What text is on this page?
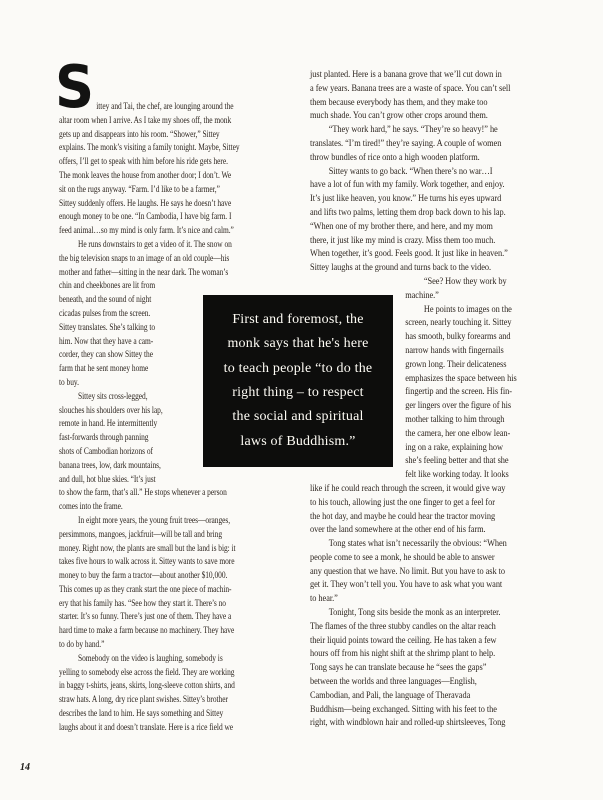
S ittey and Tai, the chef, are lounging around the
altar room when I arrive. As I take my shoes off, the monk
gets up and disappears into his room. “Shower,” Sittey
explains. The monk’s visiting a family tonight. Maybe, Sittey
offers, I’ll get to speak with him before his ride gets here.
The monk leaves the house from another door; I don’t. We
sit on the rugs anyway. “Farm. I’d like to be a farmer,”
Sittey suddenly offers. He laughs. He says he doesn’t have
enough money to be one. “In Cambodia, I have big farm. I
feed animal…so my mind is only farm. It’s nice and calm.”
He runs downstairs to get a video of it. The snow on
the big television snaps to an image of an old couple—his
mother and father—sitting in the near dark. The woman’s
chin and cheekbones are lit from
beneath, and the sound of night
cicadas pulses from the screen.
Sittey translates. She’s talking to
him. Now that they have a cam-
corder, they can show Sittey the
farm that he sent money home
to buy.
Sittey sits cross-legged,
slouches his shoulders over his lap,
remote in hand. He intermittently
fast-forwards through panning
shots of Cambodian horizons of
banana trees, low, dark mountains,
and dull, hot blue skies. “It’s just
to show the farm, that’s all.” He stops whenever a person
comes into the frame.
In eight more years, the young fruit trees—oranges,
persimmons, mangoes, jackfruit—will be tall and bring
money. Right now, the plants are small but the land is big: it
takes five hours to walk across it. Sittey wants to save more
money to buy the farm a tractor—about another $10,000.
This comes up as they crank start the one piece of machin-
ery that his family has. “See how they start it. There’s no
starter. It’s so funny. There’s just one of them. They have a
hard time to make a farm because no machinery. They have
to do by hand.”
Somebody on the video is laughing, somebody is
yelling to somebody else across the field. They are working
in baggy t-shirts, jeans, skirts, long-sleeve cotton shirts, and
straw hats. A long, dry rice plant swishes. Sittey’s brother
describes the land to him. He says something and Sittey
laughs about it and doesn’t translate. Here is a rice field we
just planted. Here is a banana grove that we’ll cut down in
a few years. Banana trees are a waste of space. You can’t sell
them because everybody has them, and they make too
much shade. You can’t grow other crops around them.
“They work hard,” he says. “They’re so heavy!” he
translates. “I’m tired!” they’re saying. A couple of women
throw bundles of rice onto a high wooden platform.
Sittey wants to go back. “When there’s no war…I
have a lot of fun with my family. Work together, and enjoy.
It’s just like heaven, you know.” He turns his eyes upward
and lifts two palms, letting them drop back down to his lap.
“When one of my brother there, and here, and my mom
there, it just like my mind is crazy. Miss them too much.
When together, it’s good. Feels good. It just like in heaven.”
Sittey laughs at the ground and turns back to the video.
“See? How they work by
machine.”
He points to images on the
screen, nearly touching it. Sittey
has smooth, bulky forearms and
narrow hands with fingernails
grown long. Their delicateness
emphasizes the space between his
fingertip and the screen. His fin-
ger lingers over the figure of his
mother talking to him through
the camera, her one elbow lean-
ing on a rake, explaining how
she’s feeling better and that she
felt like working today. It looks
like if he could reach through the screen, it would give way
to his touch, allowing just the one finger to get a feel for
the hot day, and maybe he could hear the tractor moving
over the land somewhere at the other end of his farm.
Tong states what isn’t necessarily the obvious: “When
people come to see a monk, he should be able to answer
any question that we have. No limit. But you have to ask to
get it. They won’t tell you. You have to ask what you want
to hear.”
Tonight, Tong sits beside the monk as an interpreter.
The flames of the three stubby candles on the altar reach
their liquid points toward the ceiling. He has taken a few
hours off from his night shift at the shrimp plant to help.
Tong says he can translate because he “sees the gaps”
between the worlds and three languages—English,
Cambodian, and Pali, the language of Theravada
Buddhism—being exchanged. Sitting with his feet to the
right, with windblown hair and rolled-up shirtsleeves, Tong
First and foremost, the
monk says that he's here
to teach people “to do the
right thing – to respect
the social and spiritual
laws of Buddhism.”
14
